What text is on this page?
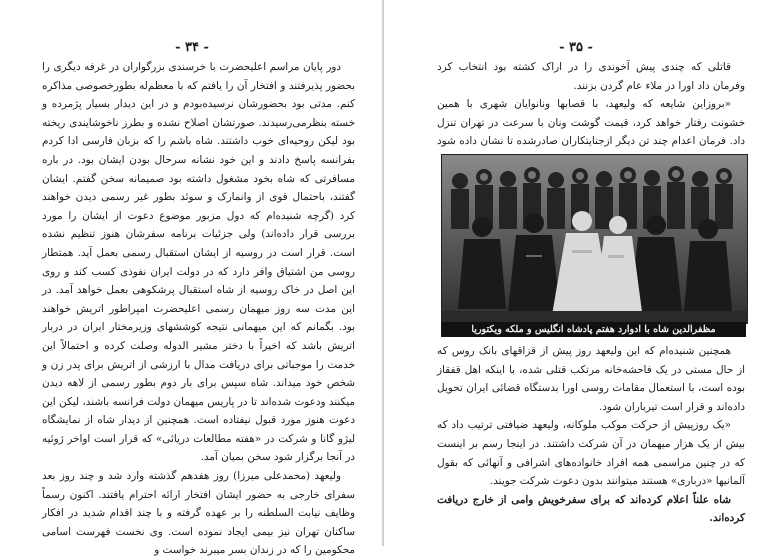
- ۳۴ -

دور پایان مراسم اعلیحضرت با خرسندی بزرگواران در غرفه دیگری را بحضور پذیرفتند و افتخار آن را یافتم که با معظم‌له بطورخصوصی مذاکره کنم. مدتی بود بحضورشان نرسیده‌بودم و در این دیدار بسیار پژمرده و خسته بنظرمی‌رسیدند. صورتشان اصلاح نشده و بطرز ناخوشایندی ریخته بود لیکن روحیه‌ای خوب داشتند. شاه باشم را که بزبان فارسی ادا کردم بفرانسه پاسخ دادند و این خود نشانه سرحال بودن ایشان بود. در باره مسافرتی که شاه بخود مشغول داشته بود صمیمانه سخن گفتم. ایشان گفتند، باحتمال قوی از وانمارک و سوئد بطور غیر رسمی دیدن خواهند کرد (گرچه شنیده‌ام که دول مزبور موضوع دعوت از ایشان را مورد بررسی قرار داده‌اند) ولی جزئیات برنامه سفرشان هنوز تنظیم نشده است. قرار است در روسیه از ایشان استقبال رسمی بعمل آید. همتطار روسی من اشتیاق وافر دارد که در دولت ایران نفوذی کسب کند و روی این اصل در خاک روسیه از شاه استقبال پرشکوهی بعمل خواهد آمد. در این مدت سه روز میهمان رسمی اعلیحضرت امپراطور اتریش خواهند بود. بگمانم که این میهمانی نتیجه کوششهای وزیرمختار ایران در دربار اتریش باشد که اخیراً با دختر مشیر الدوله وصلت کرده و احتمالاً این خدمت را موجباتی برای دریافت مدال با ارزشی از اتریش برای پدر زن و شخص خود میداند. شاه سپس برای بار دوم بطور رسمی از لاهه دیدن میکنند ودعوت شده‌اند تا در پاریس میهمان دولت فرانسه باشند، لیکن این دعوت هنوز مورد قبول نیفتاده است. همچنین از دیدار شاه از نمایشگاه لیژو گانا و شرکت در «هفته مطالعات دریائی» که قرار است اواخر ژوئیه در آنجا برگزار شود سخن بمیان آمد.

ولیعهد (محمدعلی میرزا) روز هفدهم گذشته وارد شد و چند روز بعد سفرای خارجی به حضور ایشان افتخار ارائه احترام یافتند. اکنون رسماً وظایف نیابت السلطنه را بر عهده گرفته و با چند اقدام شدید در افکار ساکنان تهران نیز بیمی ایجاد نموده است. وی نخست فهرست اسامی محکومین را که در زندان بسر میبرند خواست و

- ۳۵ -

قاتلی که چندی پیش آخوندی را در اراک کشته بود انتخاب کرد وفرمان داد اورا در ملاء عام گردن بزنند.

«بروزاین شایعه که ولیعهد، با قصابها ونانوایان شهری با همین خشونت رفتار خواهد کرد، قیمت گوشت ونان با سرعت در تهران تنزل داد. فرمان اعدام چند تن دیگر ازجنایتکاران صادرشده تا نشان داده شود

مظفرالدین شاه با ادوارد هفتم پادشاه انگلیس و ملکه ویکتوریا

همچنین شنیده‌ام که این ولیعهد روز پیش از قزاقهای بانک روس که از حال مستی در یک فاحشه‌خانه مرتکب قتلی شده، با اینکه اهل قفقاز بوده است، با استعمال مقامات روسی اورا بدستگاه قضائی ایران تحویل داده‌اند و قرار است تیرباران شود.

«یک روزپیش از حرکت موکب ملوکانه، ولیعهد ضیافتی ترتیب داد که بیش از یک هزار میهمان در آن شرکت داشتند. در اینجا رسم بر اینست که در چنین مراسمی همه افراد خانواده‌های اشرافی و آنهائی که بقول آلمانیها «درباری» هستند میتوانند بدون دعوت شرکت جویند.

شاه علناً اعلام کرده‌اند که برای سفرخویش وامی از خارج دریافت کرده‌اند.
